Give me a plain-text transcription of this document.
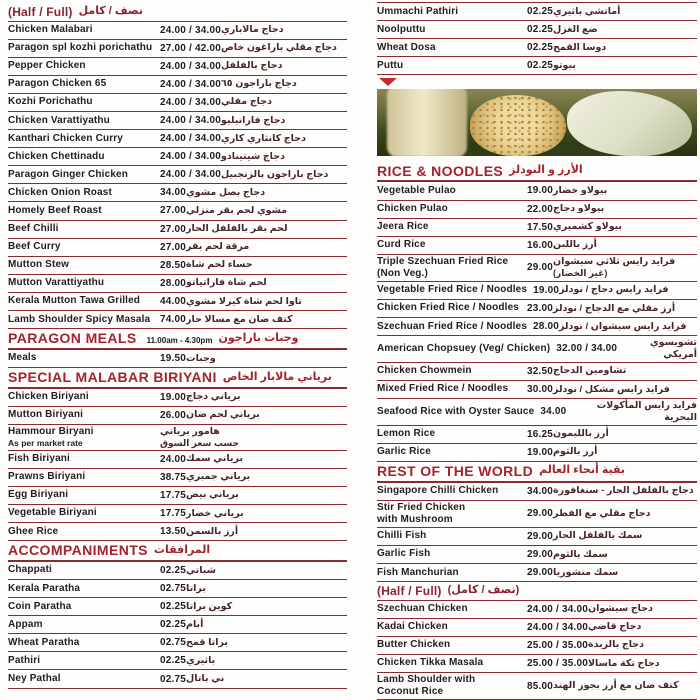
(Half / Full) نصف / كامل
Chicken Malabari	24.00 / 34.00 دجاج مالاباري
Paragon spl kozhi porichathu 27.00 / 42.00 دجاج مقلي باراغون خاص
Pepper Chicken	24.00 / 34.00 دجاج بالفلفل
Paragon Chicken 65	24.00 / 34.00 دجاج باراجون ٦٥
Kozhi Porichathu	24.00 / 34.00 دجاج مقلي
Chicken Varattiyathu	24.00 / 34.00 دجاج فاراتيليو
Kanthari Chicken Curry	24.00 / 34.00 دجاج كانثاري كاري
Chicken Chettinadu	24.00 / 34.00 دجاج شيتينادو
Paragon Ginger Chicken	24.00 / 34.00 دجاج باراجون بالزنجبيل
Chicken Onion Roast	34.00 دجاج بصل مشوي
Homely Beef Roast	27.00 مشوي لحم بقر منزلي
Beef Chilli	27.00 لحم بقر بالفلفل الحار
Beef Curry	27.00 مرقة لحم بقر
Mutton Stew	28.50 حساء لحم شاة
Mutton Varattiyathu	28.00 لحم شاة فاراتياتو
Kerala Mutton Tawa Grilled	44.00 تاوا لحم شاة كيرلا مشوي
Lamb Shoulder Spicy Masala 74.00 كتف ضان مع مسالا حار
PARAGON MEALS 11.00am - 4.30pm وجبات باراجون
Meals	19.50 وجبات
SPECIAL MALABAR BIRIYANI برياني مالابار الخاص
Chicken Biriyani	19.00 برياني دجاج
Mutton Biriyani	26.00 برياني لحم ضان
Hammour Biryani
As per market rate
هامور برياني
حسب سعر السوق
Fish Biriyani	24.00 برياني سمك
Prawns Biriyani	38.75 برياني جمبري
Egg Biriyani	17.75 برياني بيض
Vegetable Biriyani	17.75 برياني خضار
Ghee Rice	13.50 أرز بالسمن
ACCOMPANIMENTS المرافقات
Chappati	02.25 شباتي
Kerala Paratha	02.75 براتا
Coin Paratha	02.25 كوين براتا
Appam	02.25 أبام
Wheat Paratha	02.75 براتا قمح
Pathiri	02.25 باثيري
Ney Pathal	02.75 ني باتال
Ummachi Pathiri	02.25 أماتشي باثيري
Noolputtu	02.25 ضع الغزل
Wheat Dosa	02.25 دوسا القمح
Puttu	02.25 بيوتو
RICE & NOODLES الأرز و النودلز
Vegetable Pulao	19.00 بيولاو خضار
Chicken Pulao	22.00 بيولاو دجاج
Jeera Rice	17.50 بيولاو كشميري
Curd Rice	16.00 أرز باللبن
Triple Szechuan Fried Rice
(Non Veg.)	29.00
فرايد رايس ثلاثي سيشوان
(غير الخضار)
Vegetable Fried Rice / Noodles 19.00 فرايد رايس دجاج / نودلز
Chicken Fried Rice / Noodles 23.00 أرز مقلي مع الدجاج / نودلز
Szechuan Fried Rice / Noodles 28.00 فرايد رايس سيشوان / نودلز
American Chopsuey (Veg/ Chicken) 32.00 / 34.00
تشوبسوي أمريكي
Chicken Chowmein	32.50 تشاومين الدجاج
Mixed Fried Rice / Noodles	30.00 فرايد رايس مشكل / نودلز
Seafood Rice with Oyster Sauce 34.00
فرايد رايس المأكولات البحرية
Lemon Rice	16.25 أرز بالليمون
Garlic Rice	19.00 أرز بالثوم
REST OF THE WORLD بقية أنحاء العالم
Singapore Chilli Chicken	34.00 دجاج بالفلفل الحار - سنغافورة
Stir Fried Chicken
with Mushroom	29.00 دجاج مقلي مع الفطر
Chilli Fish	29.00 سمك بالفلفل الحار
Garlic Fish	29.00 سمك بالثوم
Fish Manchurian	29.00 سمك منشوريا
(Half / Full) (نصف / كامل)
Szechuan Chicken	24.00 / 34.00 دجاج سيشوان
Kadai Chicken	24.00 / 34.00 دجاج قاضي
Butter Chicken	25.00 / 35.00 دجاج بالزبدة
Chicken Tikka Masala	25.00 / 35.00 دجاج تكة ماسالا
Lamb Shoulder with
Coconut Rice	85.00 كتف ضان مع أرز بجوز الهند
